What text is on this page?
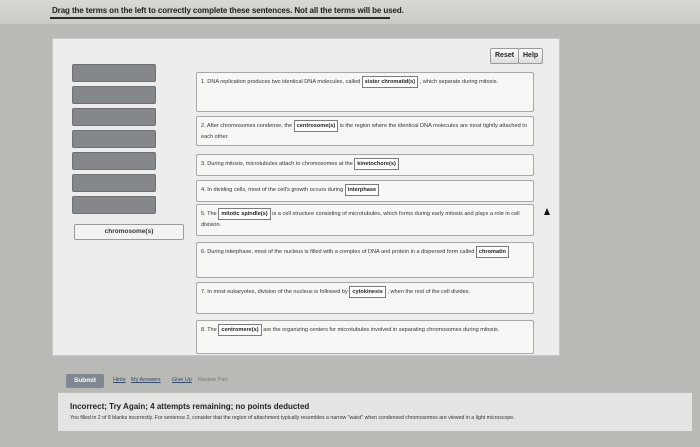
Drag the terms on the left to correctly complete these sentences. Not all the terms will be used.
Reset	Help
chromosome(s)
1. DNA replication produces two identical DNA molecules, called sister chromatid(s) , which separate during mitosis.
2. After chromosomes condense, the centrosome(s) is the region where the identical DNA molecules are most tightly attached to each other.
3. During mitosis, microtubules attach to chromosomes at the kinetochore(s)
4. In dividing cells, most of the cell's growth occurs during interphase
5. The mitotic spindle(s) is a cell structure consisting of microtubules, which forms during early mitosis and plays a role in cell division.
6. During interphase, most of the nucleus is filled with a complex of DNA and protein in a dispersed form called chromatin
7. In most eukaryotes, division of the nucleus is followed by cytokinesis , when the rest of the cell divides.
8. The centromere(s) are the organizing centers for microtubules involved in separating chromosomes during mitosis.
Submit	Hints My Answers Give Up Review Part
Incorrect; Try Again; 4 attempts remaining; no points deducted
You filled in 2 of 8 blanks incorrectly. For sentence 2, consider that the region of attachment typically resembles a narrow "waist" when condensed chromosomes are viewed in a light microscope.
